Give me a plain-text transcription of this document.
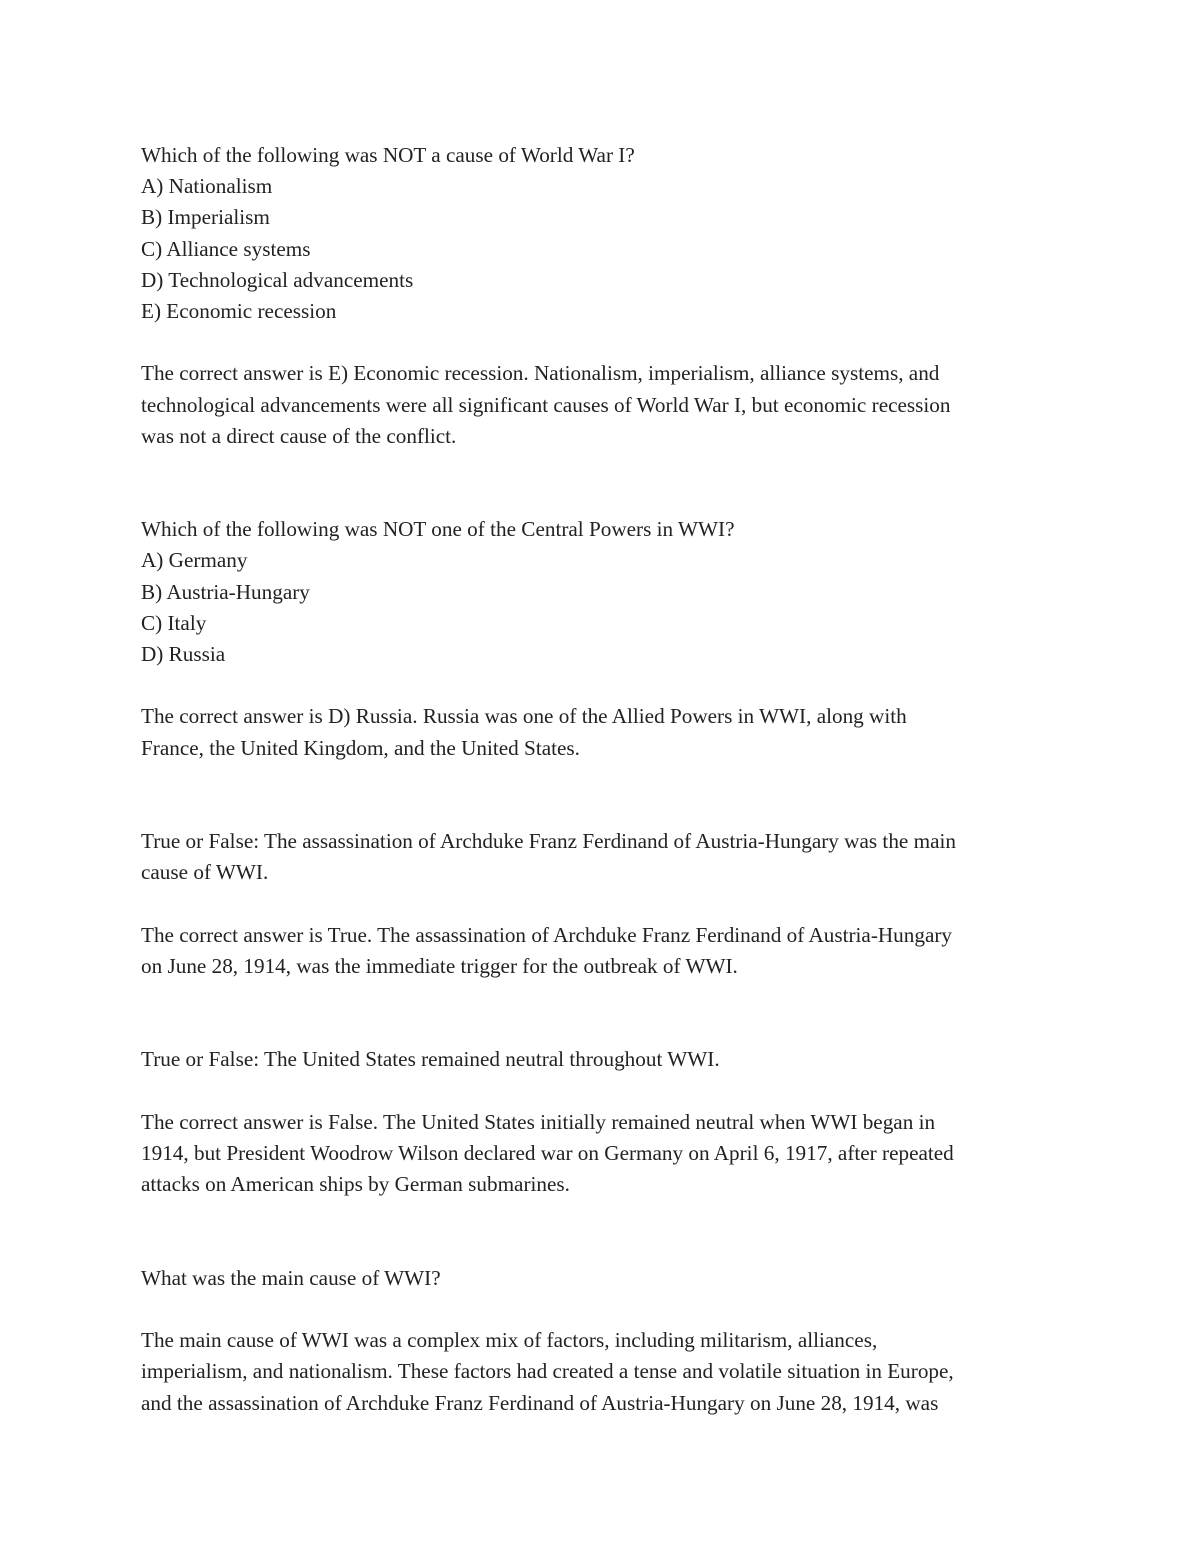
Which of the following was NOT a cause of World War I?
A) Nationalism
B) Imperialism
C) Alliance systems
D) Technological advancements
E) Economic recession
The correct answer is E) Economic recession. Nationalism, imperialism, alliance systems, and
technological advancements were all significant causes of World War I, but economic recession
was not a direct cause of the conflict.
Which of the following was NOT one of the Central Powers in WWI?
A) Germany
B) Austria-Hungary
C) Italy
D) Russia
The correct answer is D) Russia. Russia was one of the Allied Powers in WWI, along with
France, the United Kingdom, and the United States.
True or False: The assassination of Archduke Franz Ferdinand of Austria-Hungary was the main
cause of WWI.
The correct answer is True. The assassination of Archduke Franz Ferdinand of Austria-Hungary
on June 28, 1914, was the immediate trigger for the outbreak of WWI.
True or False: The United States remained neutral throughout WWI.
The correct answer is False. The United States initially remained neutral when WWI began in
1914, but President Woodrow Wilson declared war on Germany on April 6, 1917, after repeated
attacks on American ships by German submarines.
What was the main cause of WWI?
The main cause of WWI was a complex mix of factors, including militarism, alliances,
imperialism, and nationalism. These factors had created a tense and volatile situation in Europe,
and the assassination of Archduke Franz Ferdinand of Austria-Hungary on June 28, 1914, was
